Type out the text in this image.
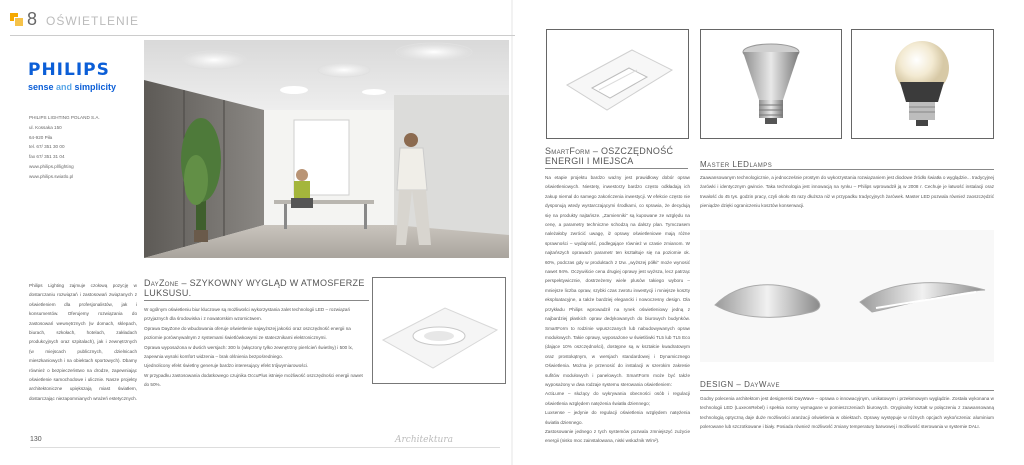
8 OŚWIETLENIE
PHILIPS
sense and simplicity
PHILIPS LIGHTING POLAND S.A.
ul. Kossaka 150
64-920 Piła
tel. 67/ 351 30 00
fax 67/ 351 31 04
www.philips.pl/lighting
www.philips.swiatlo.pl
Philips Lighting zajmuje czołową pozycję w dostarczaniu rozwiązań i zastosowań związanych z oświetleniem dla profesjonalistów, jak i konsumentów. Oferujemy rozwiązania do zastosowań wewnętrznych (w domach, sklepach, biurach, szkołach, hotelach, zakładach produkcyjnych oraz szpitalach), jak i zewnętrznych (w miejscach publicznych, dzielnicach mieszkaniowych i na obiektach sportowych). Dbamy również o bezpieczeństwo na drodze, zapewniając oświetlenie samochodowe i ulicznie. Nasze projekty architektoniczne upiększają miast światłem, dostarczając niezapomnianych wrażeń estetycznych.
DayZone – SZYKOWNY WYGLĄD W ATMOSFERZE LUKSUSU.
W ogólnym oświetleniu biur kluczowe są możliwości wykorzystania zalet technologii LED – rozwiązań przyjaznych dla środowiska i z nowatorskim wzornictwem.
Oprawa DayZone do wbudowania oferuje oświetlenie najwyższej jakości oraz oszczędność energii na poziomie porównywalnym z systemami świetlówkowymi ze statecznikami elektronicznymi.
Oprawa wyposażona w dwóch wersjach: 300 lx (włączony tylko zewnętrzny pierścień świetlny) i 500 lx, zapewnia wysoki komfort widzenia – brak olśnienia bezpośredniego.
Ujednolicony efekt świetlny generuje bardzo interesujący efekt trójwymiarowości.
W przypadku zastosowania dodatkowego czujnika OccuPlus istnieje możliwość oszczędności energii nawet do 50%.
130	Architektura
SmartForm – OSZCZĘDNOŚĆ ENERGII I MIEJSCA
Na etapie projektu bardzo ważny jest prawidłowy dobór opraw oświetleniowych. Niestety, inwestorzy bardzo często odkładają ich zakup niemal do samego zakończenia inwestycji. W efekcie często nie dysponują wtedy wystarczającymi środkami, co sprawia, że decydują się na produkty najtańsze. „Zamienniki” są kupowane ze względu na cenę, a parametry techniczne schodzą na dalszy plan. Tymczasem należałoby zwrócić uwagę, iż oprawy oświetleniowe mają różne sprawności – wydajność, podlegające również w czasie zmianom. W najtańszych oprawach parametr ten kształtuje się na poziomie ok. 60%, podczas gdy w produktach z tzw. „wyższej półki” może wynosić nawet 94%. Oczywiście cena drugiej oprawy jest wyższa, lecz patrząc perspektywicznie, dostrzeżemy wiele plusów takiego wyboru – mniejsze liczba opraw, szybki czas zwrotu inwestycji i mniejsze koszty eksploatacyjne, a także bardziej elegancki i nowoczesny design. Dla przykładu Philips wprowadził na rynek oświetleniowy jedną z najbardziej płaskich opraw dedykowanych do biurowych budynków. SmartForm to rodzinie wpuszczanych lub nabudowywanych opraw modułowych. Takie oprawy, wyposażone w świetlówki TL5 lub TL5 Eco (dające 10% oszczędności), dostępne są w kształcie kwadratowym oraz prostokątnym, w wersjach standardowej i Dynamicznego Oświetlenia. Można je przenosić do instalacji w szerokim zakresie sufitów modułowych i panelowych. SmartForm może być także wyposażony w dwa rodzaje systemu sterowania oświetleniem:
ActiLume – służący do wykrywania obecności osób i regulacji oświetlenia względem natężenia światła dziennego;
Luxsense – jedynie do regulacji oświetlenia względem natężenia światła dziennego.
Zastosowanie jednego z tych systemów pozwala zmniejszyć zużycie energii (nisko moc zainstalowana, niski wskaźnik W/m²).
Master LEDlamps
Zaawansowanym technologicznie, a jednocześnie prostym do wykorzystania rozwiązaniem jest diodowe źródło światła o wyglądzie... tradycyjnej żarówki i identycznym gwincie. Taka technologia jest innowacją na rynku – Philips wprowadził ją w 2008 r. Cechuje je łatwość instalacji oraz trwałość do 45 tys. godzin pracy, czyli około 45 razy dłuższa niż w przypadku tradycyjnych żarówek. Master LED pozwala również zaoszczędzić pieniądze dzięki ograniczeniu kosztów konserwacji.
DESIGN – DayWave
Godny polecenia architektom jest designerski DayWave – oprawa o innowacyjnym, unikatowym i przełomowym wyglądzie. Została wykonana w technologii LED (LuxeonRebel) i spełnia normy wymagane w pomieszczeniach biurowych. Oryginalny kształt w połączeniu z zaawansowaną technologią optyczną daje duże możliwości aranżacji oświetlenia w obiektach. Oprawy występuje w różnych opcjach wykończenia: aluminium polerowane lub szczotkowane i biały. Posiada również możliwość zmiany temperatury barwowej i możliwość sterowania w systemie DALI.
